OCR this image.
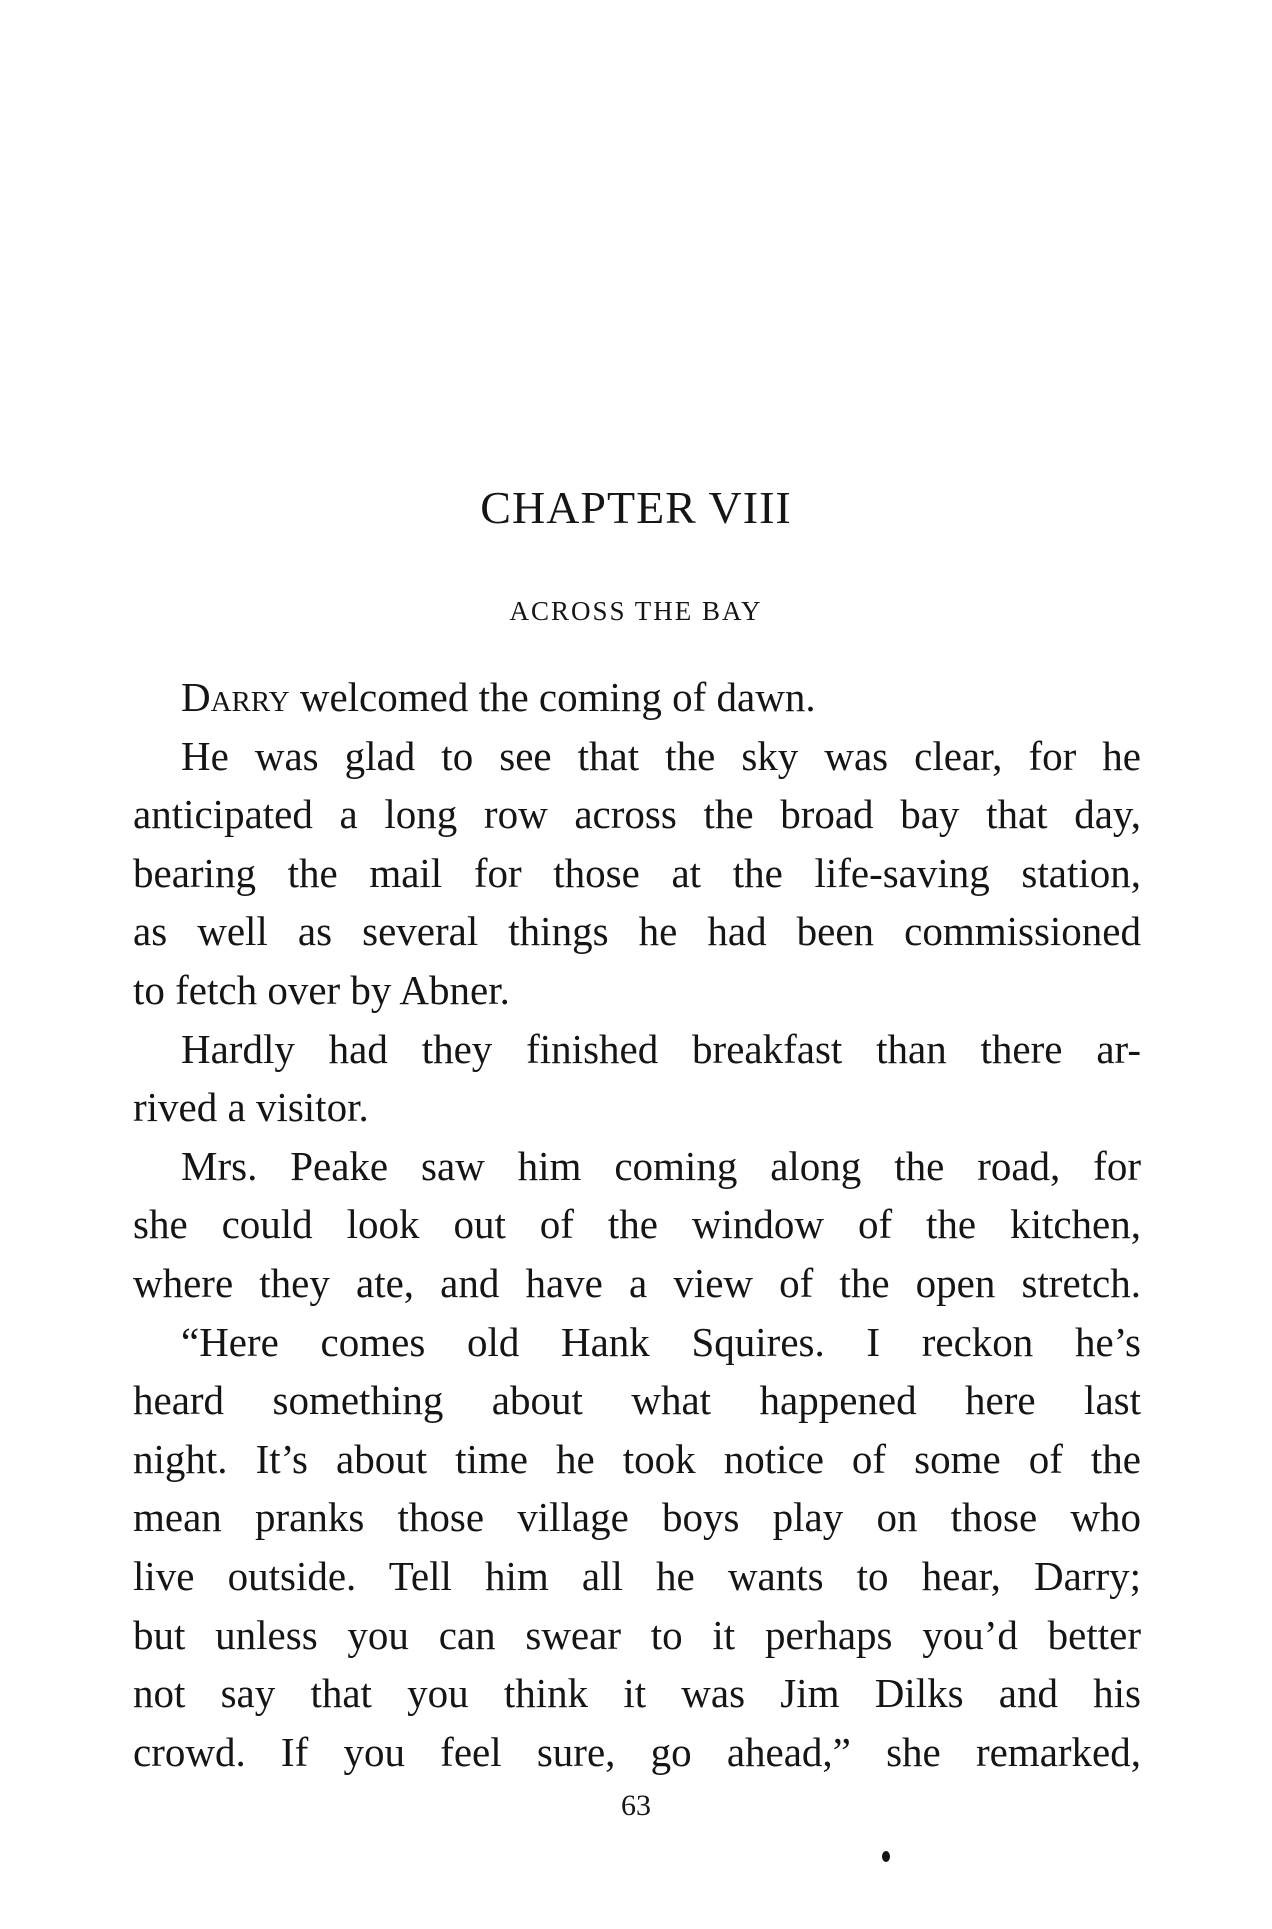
CHAPTER VIII
ACROSS THE BAY
Darry welcomed the coming of dawn.
He was glad to see that the sky was clear, for he
anticipated a long row across the broad bay that day,
bearing the mail for those at the life-saving station,
as well as several things he had been commissioned
to fetch over by Abner.
Hardly had they finished breakfast than there ar-
rived a visitor.
Mrs. Peake saw him coming along the road, for
she could look out of the window of the kitchen,
where they ate, and have a view of the open stretch.
“Here comes old Hank Squires. I reckon he’s
heard something about what happened here last
night. It’s about time he took notice of some of the
mean pranks those village boys play on those who
live outside. Tell him all he wants to hear, Darry;
but unless you can swear to it perhaps you’d better
not say that you think it was Jim Dilks and his
crowd. If you feel sure, go ahead,” she remarked,
63
